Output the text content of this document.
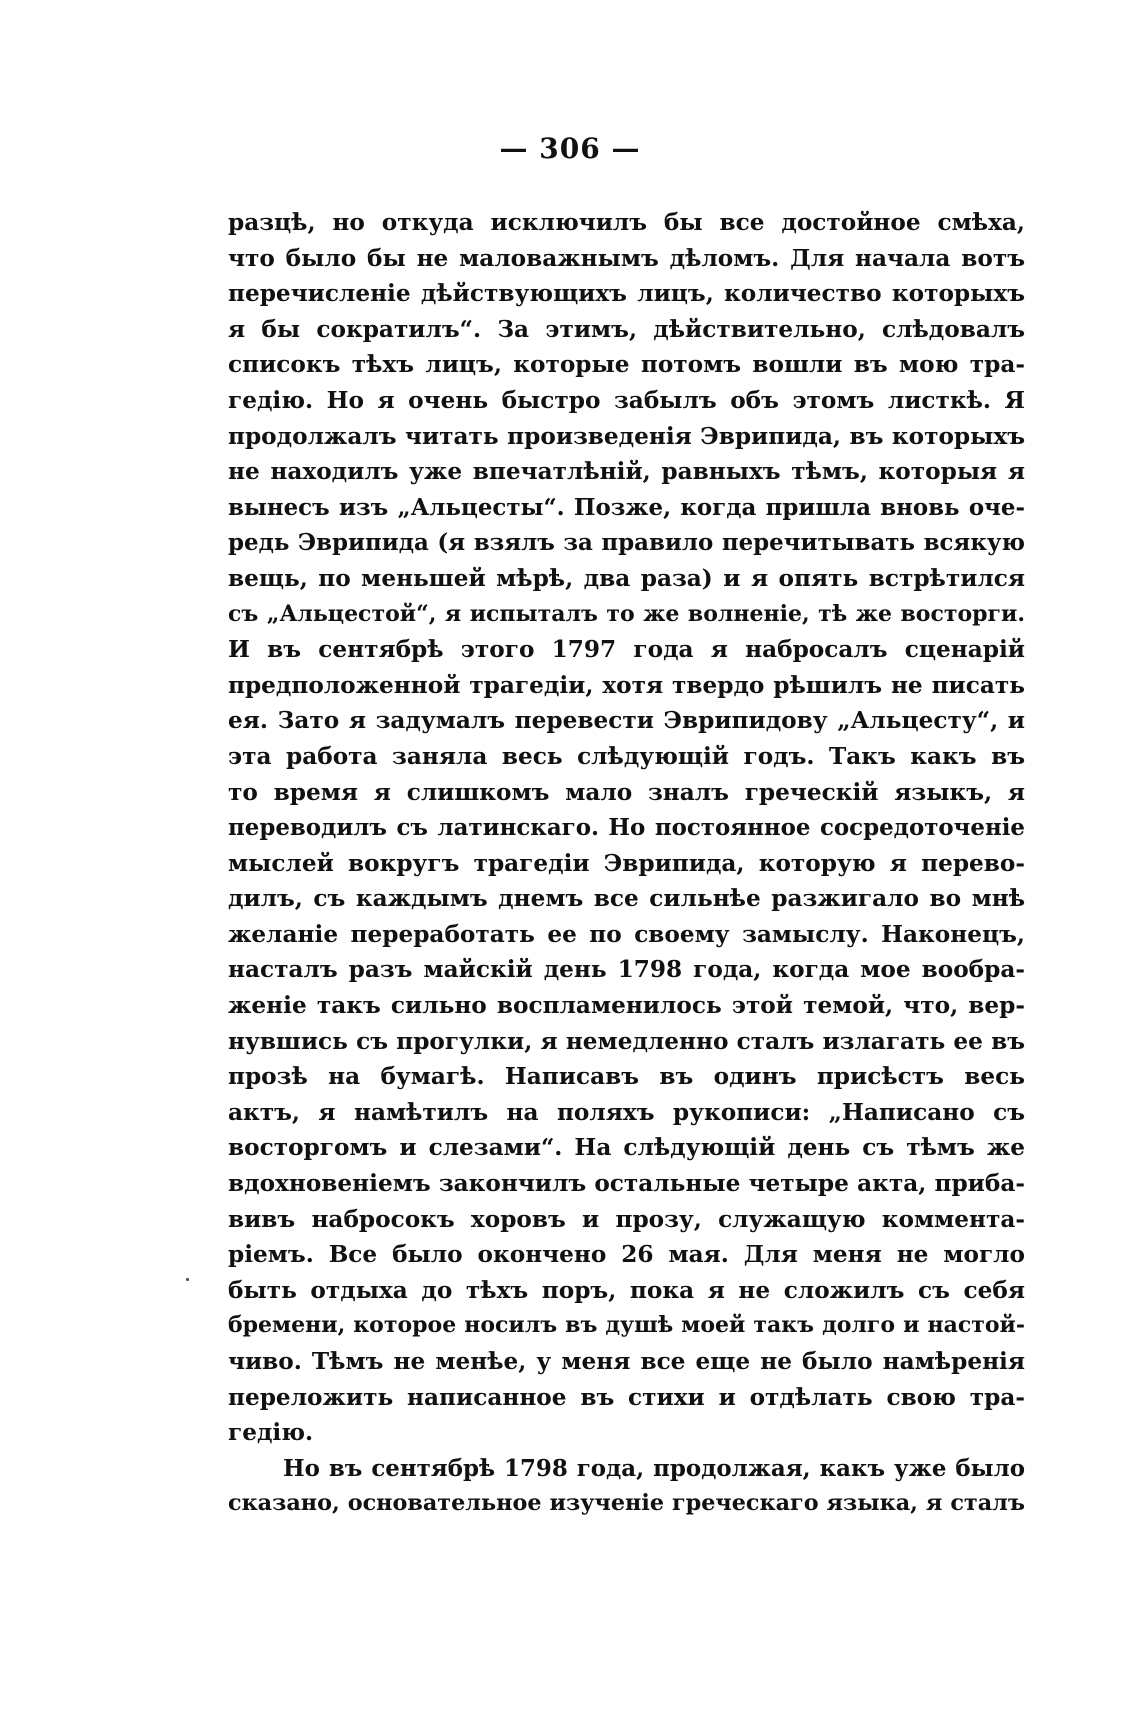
— 306 —
разцѣ, но откуда исключилъ бы все достойное смѣха,
что было бы не маловажнымъ дѣломъ. Для начала вотъ
перечисленіе дѣйствующихъ лицъ, количество которыхъ
я бы сократилъ“. За этимъ, дѣйствительно, слѣдовалъ
списокъ тѣхъ лицъ, которые потомъ вошли въ мою тра-
гедію. Но я очень быстро забылъ объ этомъ листкѣ. Я
продолжалъ читать произведенія Эврипида, въ которыхъ
не находилъ уже впечатлѣній, равныхъ тѣмъ, которыя я
вынесъ изъ „Альцесты“. Позже, когда пришла вновь оче-
редь Эврипида (я взялъ за правило перечитывать всякую
вещь, по меньшей мѣрѣ, два раза) и я опять встрѣтился
съ „Альцестой“, я испыталъ то же волненіе, тѣ же восторги.
И въ сентябрѣ этого 1797 года я набросалъ сценарій
предположенной трагедіи, хотя твердо рѣшилъ не писать
ея. Зато я задумалъ перевести Эврипидову „Альцесту“, и
эта работа заняла весь слѣдующій годъ. Такъ какъ въ
то время я слишкомъ мало зналъ греческій языкъ, я
переводилъ съ латинскаго. Но постоянное сосредоточеніе
мыслей вокругъ трагедіи Эврипида, которую я перево-
дилъ, съ каждымъ днемъ все сильнѣе разжигало во мнѣ
желаніе переработать ее по своему замыслу. Наконецъ,
насталъ разъ майскій день 1798 года, когда мое вообра-
женіе такъ сильно воспламенилось этой темой, что, вер-
нувшись съ прогулки, я немедленно сталъ излагать ее въ
прозѣ на бумагѣ. Написавъ въ одинъ присѣстъ весь
актъ, я намѣтилъ на поляхъ рукописи: „Написано съ
восторгомъ и слезами“. На слѣдующій день съ тѣмъ же
вдохновеніемъ закончилъ остальные четыре акта, прибa-
вивъ набросокъ хоровъ и прозу, служащую коммента-
ріемъ. Все было окончено 26 мая. Для меня не могло
быть отдыха до тѣхъ поръ, пока я не сложилъ съ себя
бремени, которое носилъ въ душѣ моей такъ долго и настой-
чиво. Тѣмъ не менѣе, у меня все еще не было намѣренія
переложить написанное въ стихи и отдѣлать свою тра-
гедію.
Но въ сентябрѣ 1798 года, продолжая, какъ уже было
сказано, основательное изученіе греческаго языка, я сталъ
